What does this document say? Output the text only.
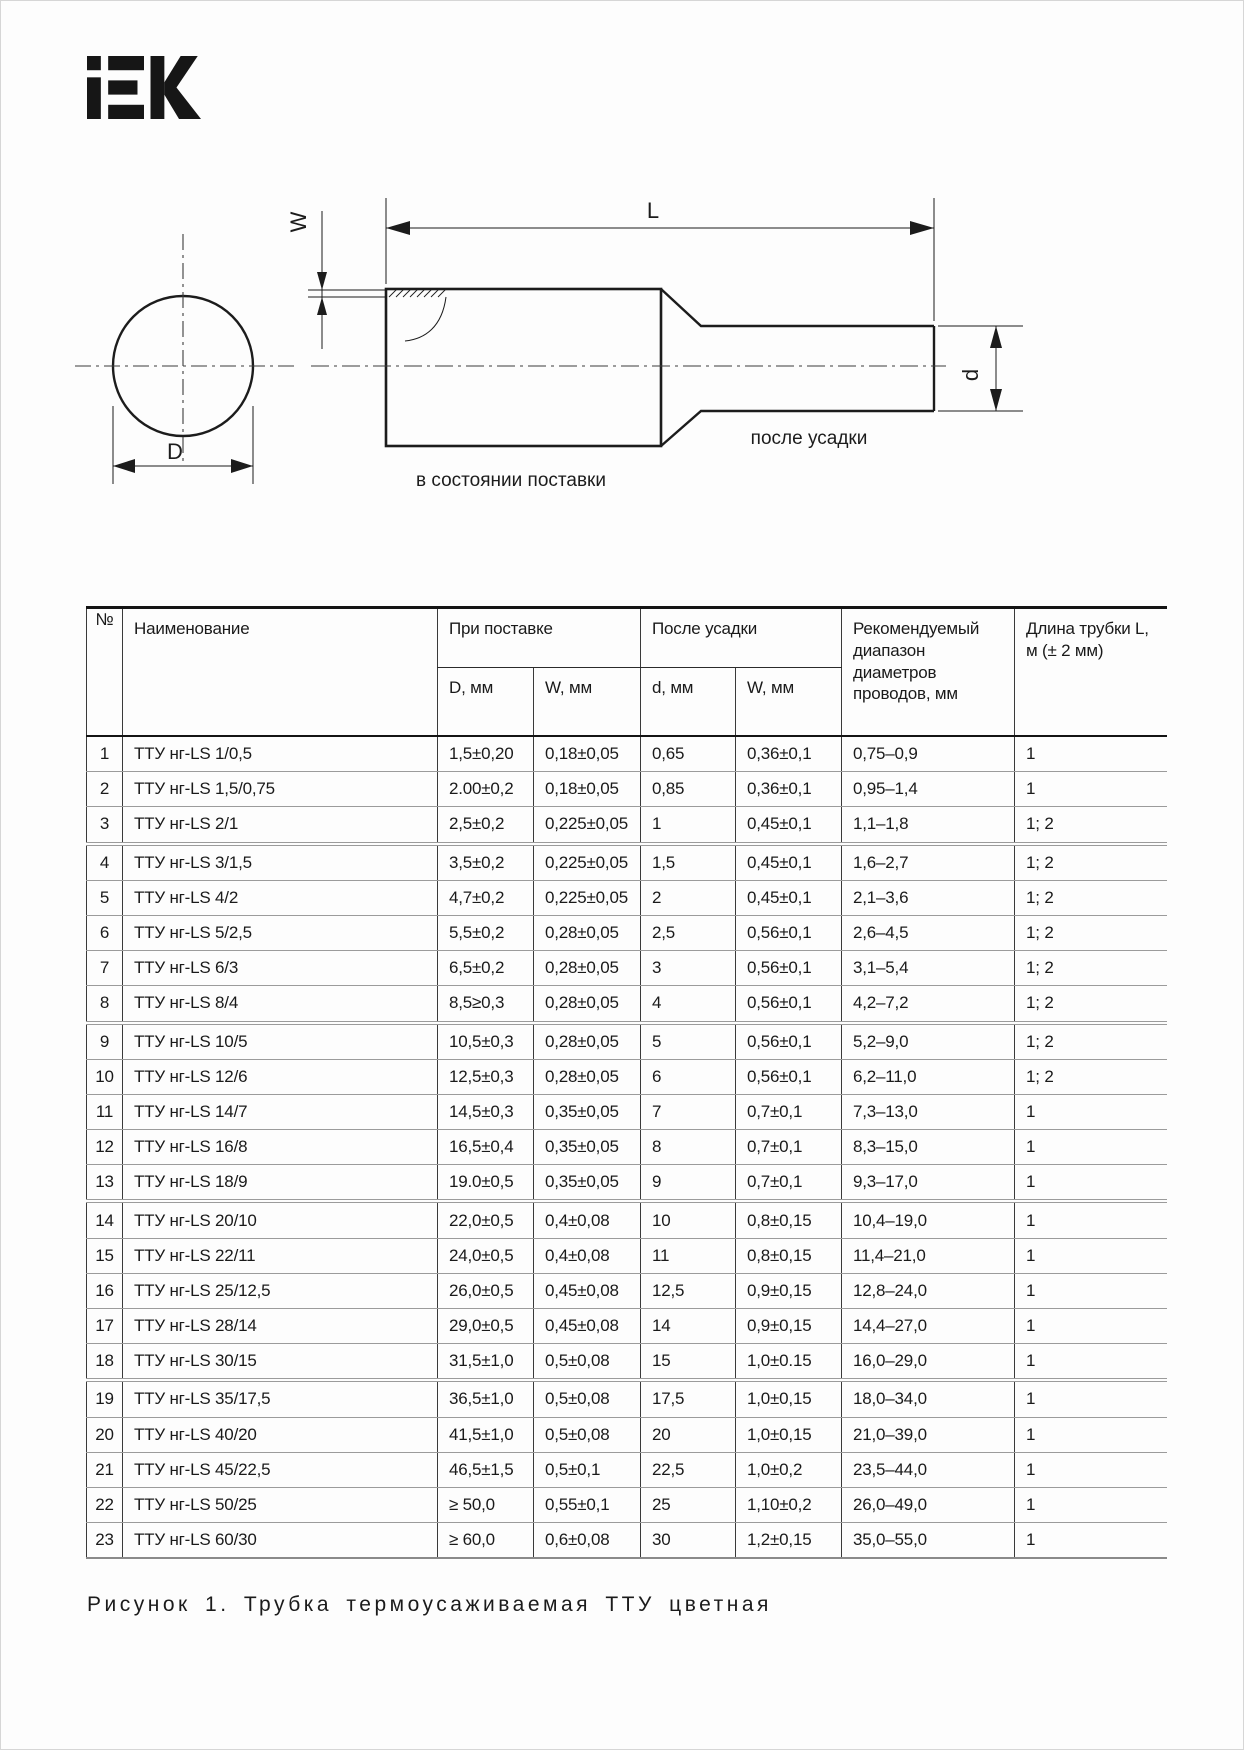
L
W
D
d
в состоянии поставки
после усадки
№	Наименование	При поставке		После усадки		Рекомендуемый диапазон диаметров проводов, мм	Длина трубки L, м (± 2 мм)
		D, мм	W, мм	d, мм	W, мм		
1	ТТУ нг-LS 1/0,5	1,5±0,20	0,18±0,05	0,65	0,36±0,1	0,75–0,9	1
2	ТТУ нг-LS 1,5/0,75	2.00±0,2	0,18±0,05	0,85	0,36±0,1	0,95–1,4	1
3	ТТУ нг-LS 2/1	2,5±0,2	0,225±0,05	1	0,45±0,1	1,1–1,8	1; 2
4	ТТУ нг-LS 3/1,5	3,5±0,2	0,225±0,05	1,5	0,45±0,1	1,6–2,7	1; 2
5	ТТУ нг-LS 4/2	4,7±0,2	0,225±0,05	2	0,45±0,1	2,1–3,6	1; 2
6	ТТУ нг-LS 5/2,5	5,5±0,2	0,28±0,05	2,5	0,56±0,1	2,6–4,5	1; 2
7	ТТУ нг-LS 6/3	6,5±0,2	0,28±0,05	3	0,56±0,1	3,1–5,4	1; 2
8	ТТУ нг-LS 8/4	8,5≥0,3	0,28±0,05	4	0,56±0,1	4,2–7,2	1; 2
9	ТТУ нг-LS 10/5	10,5±0,3	0,28±0,05	5	0,56±0,1	5,2–9,0	1; 2
10	ТТУ нг-LS 12/6	12,5±0,3	0,28±0,05	6	0,56±0,1	6,2–11,0	1; 2
11	ТТУ нг-LS 14/7	14,5±0,3	0,35±0,05	7	0,7±0,1	7,3–13,0	1
12	ТТУ нг-LS 16/8	16,5±0,4	0,35±0,05	8	0,7±0,1	8,3–15,0	1
13	ТТУ нг-LS 18/9	19.0±0,5	0,35±0,05	9	0,7±0,1	9,3–17,0	1
14	ТТУ нг-LS 20/10	22,0±0,5	0,4±0,08	10	0,8±0,15	10,4–19,0	1
15	ТТУ нг-LS 22/11	24,0±0,5	0,4±0,08	11	0,8±0,15	11,4–21,0	1
16	ТТУ нг-LS 25/12,5	26,0±0,5	0,45±0,08	12,5	0,9±0,15	12,8–24,0	1
17	ТТУ нг-LS 28/14	29,0±0,5	0,45±0,08	14	0,9±0,15	14,4–27,0	1
18	ТТУ нг-LS 30/15	31,5±1,0	0,5±0,08	15	1,0±0.15	16,0–29,0	1
19	ТТУ нг-LS 35/17,5	36,5±1,0	0,5±0,08	17,5	1,0±0,15	18,0–34,0	1
20	ТТУ нг-LS 40/20	41,5±1,0	0,5±0,08	20	1,0±0,15	21,0–39,0	1
21	ТТУ нг-LS 45/22,5	46,5±1,5	0,5±0,1	22,5	1,0±0,2	23,5–44,0	1
22	ТТУ нг-LS 50/25	≥ 50,0	0,55±0,1	25	1,10±0,2	26,0–49,0	1
23	ТТУ нг-LS 60/30	≥ 60,0	0,6±0,08	30	1,2±0,15	35,0–55,0	1
Рисунок 1. Трубка термоусаживаемая ТТУ цветная
